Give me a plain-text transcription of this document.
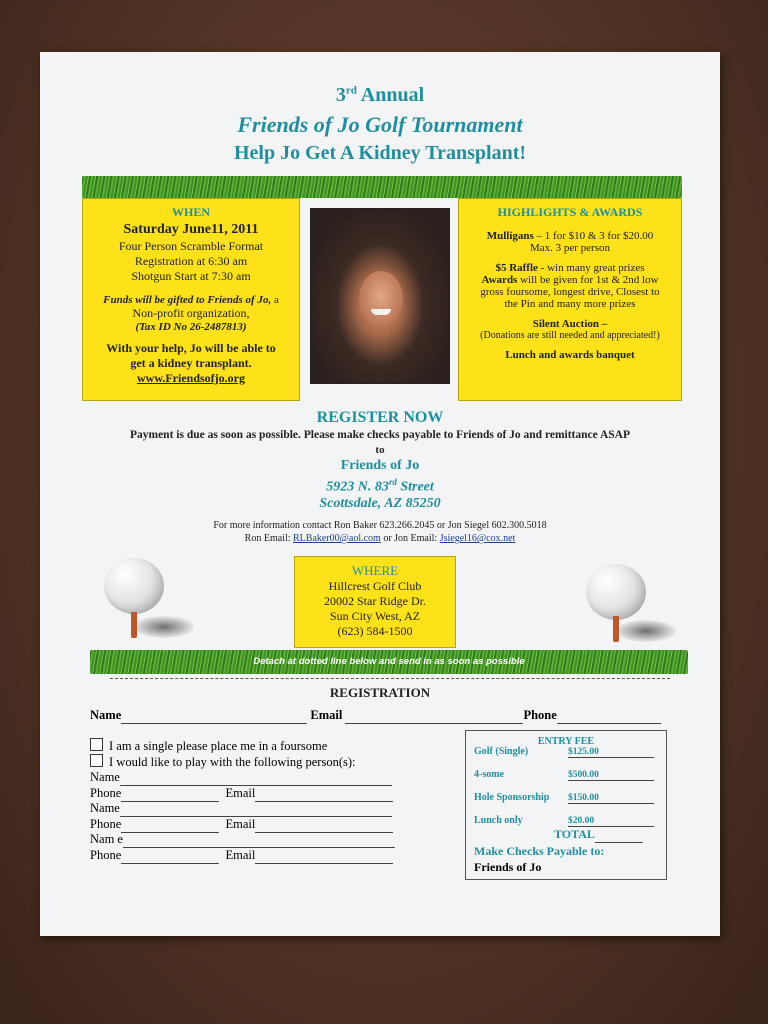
3rd Annual
Friends of Jo Golf Tournament
Help Jo Get A Kidney Transplant!
WHEN
Saturday June11, 2011
Four Person Scramble Format
Registration at 6:30 am
Shotgun Start at 7:30 am
Funds will be gifted to Friends of Jo, a
Non-profit organization,
(Tax ID No 26-2487813)
With your help, Jo will be able to
get a kidney transplant.
www.Friendsofjo.org
HIGHLIGHTS & AWARDS
Mulligans – 1 for $10 & 3 for $20.00
Max. 3 per person
$5 Raffle - win many great prizes
Awards will be given for 1st & 2nd low
gross foursome, longest drive, Closest to
the Pin and many more prizes
Silent Auction –
(Donations are still needed and appreciated!)
Lunch and awards banquet
REGISTER NOW
Payment is due as soon as possible. Please make checks payable to Friends of Jo and remittance ASAP
to
Friends of Jo
5923 N. 83rd Street
Scottsdale, AZ 85250
For more information contact Ron Baker 623.266.2045 or Jon Siegel 602.300.5018
Ron Email: RLBaker00@aol.com or Jon Email: Jsiegel16@cox.net
WHERE
Hillcrest Golf Club
20002 Star Ridge Dr.
Sun City West, AZ
(623) 584-1500
Detach at dotted line below and send in as soon as possible
REGISTRATION
Name	Email	Phone
I am a single please place me in a foursome
I would like to play with the following person(s):
Name
Phone	Email
Name
Phone	Email
Nam e
Phone	Email
ENTRY FEE
Golf (Single)	$125.00
4-some	$500.00
Hole Sponsorship $150.00
Lunch only	$20.00
TOTAL
Make Checks Payable to:
Friends of Jo
